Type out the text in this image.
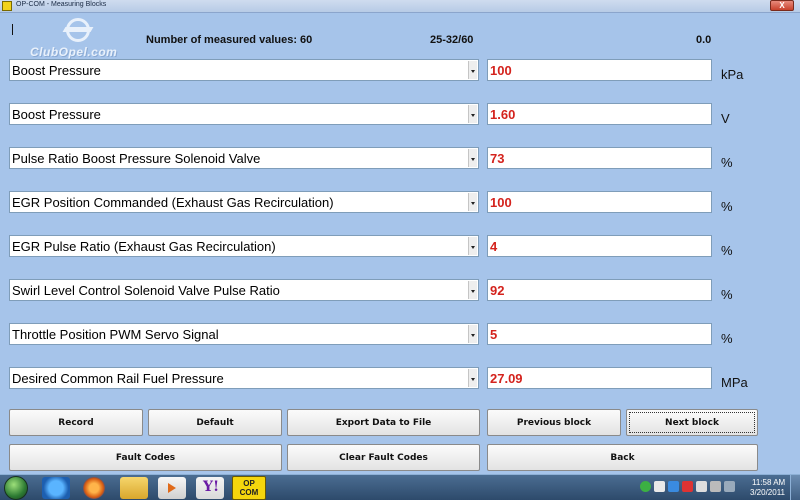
OP-COM - Measuring Blocks	X
ClubOpel.com
Number of measured values: 60	25-32/60	0.0
Boost Pressure	100	kPa
Boost Pressure	1.60	V
Pulse Ratio Boost Pressure Solenoid Valve	73	%
EGR Position Commanded (Exhaust Gas Recirculation)	100	%
EGR Pulse Ratio (Exhaust Gas Recirculation)	4	%
Swirl Level Control Solenoid Valve Pulse Ratio	92	%
Throttle Position PWM Servo Signal	5	%
Desired Common Rail Fuel Pressure	27.09	MPa
Record	Default	Export Data to File	Previous block	Next block
Fault Codes	Clear Fault Codes	Back
Y!	OP COM
11:58 AM
3/20/2011
